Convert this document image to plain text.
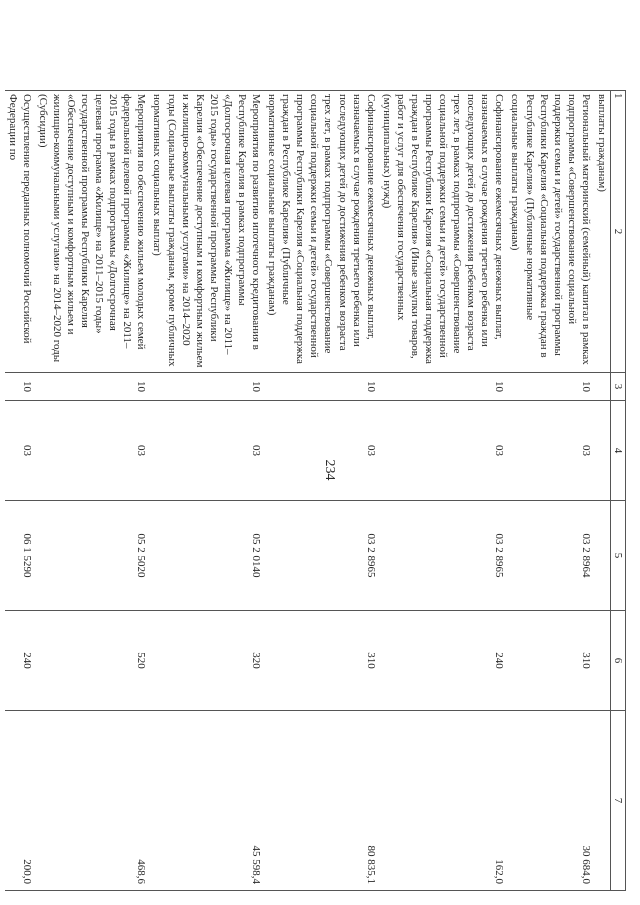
234
1	2	3	4	5	6	7
	выплаты гражданам)					
	Региональный материнский (семейный) капитал в рамках подпрограммы «Совершенствование социальной поддержки семьи и детей» государственной программы Республики Карелия «Социальная поддержка граждан в Республике Карелия» (Публичные нормативные социальные выплаты гражданам)	10	03	03 2 8964	310	30 684,0
	Софинансирование ежемесячных денежных выплат, назначаемых в случае рождения третьего ребенка или последующих детей до достижения ребенком возраста трех лет, в рамках подпрограммы «Совершенствование социальной поддержки семьи и детей» государственной программы Республики Карелия «Социальная поддержка граждан в Республике Карелия» (Иные закупки товаров, работ и услуг для обеспечения государственных (муниципальных) нужд)	10	03	03 2 8965	240	162,0
	Софинансирование ежемесячных денежных выплат, назначаемых в случае рождения третьего ребенка или последующих детей до достижения ребенком возраста трех лет, в рамках подпрограммы «Совершенствование социальной поддержки семьи и детей» государственной программы Республики Карелия «Социальная поддержка граждан в Республике Карелия» (Публичные нормативные социальные выплаты гражданам)	10	03	03 2 8965	310	80 835,1
	Мероприятия по развитию ипотечного кредитования в Республике Карелия в рамках подпрограммы «Долгосрочная целевая программа «Жилище» на 2011–2015 годы» государственной программы Республики Карелия «Обеспечение доступным и комфортным жильем и жилищно-коммунальными услугами» на 2014–2020 годы (Социальные выплаты гражданам, кроме публичных нормативных социальных выплат)	10	03	05 2 0140	320	45 598,4
	Мероприятия по обеспечению жильем молодых семей федеральной целевой программы «Жилище» на 2011–2015 годы в рамках подпрограммы «Долгосрочная целевая программа «Жилище» на 2011–2015 годы» государственной программы Республики Карелия «Обеспечение доступным и комфортным жильем и жилищно-коммунальными услугами» на 2014–2020 годы (Субсидии)	10	03	05 2 5020	520	468,6
	Осуществление переданных полномочий Российской Федерации по	10	03	06 1 5290	240	200,0
